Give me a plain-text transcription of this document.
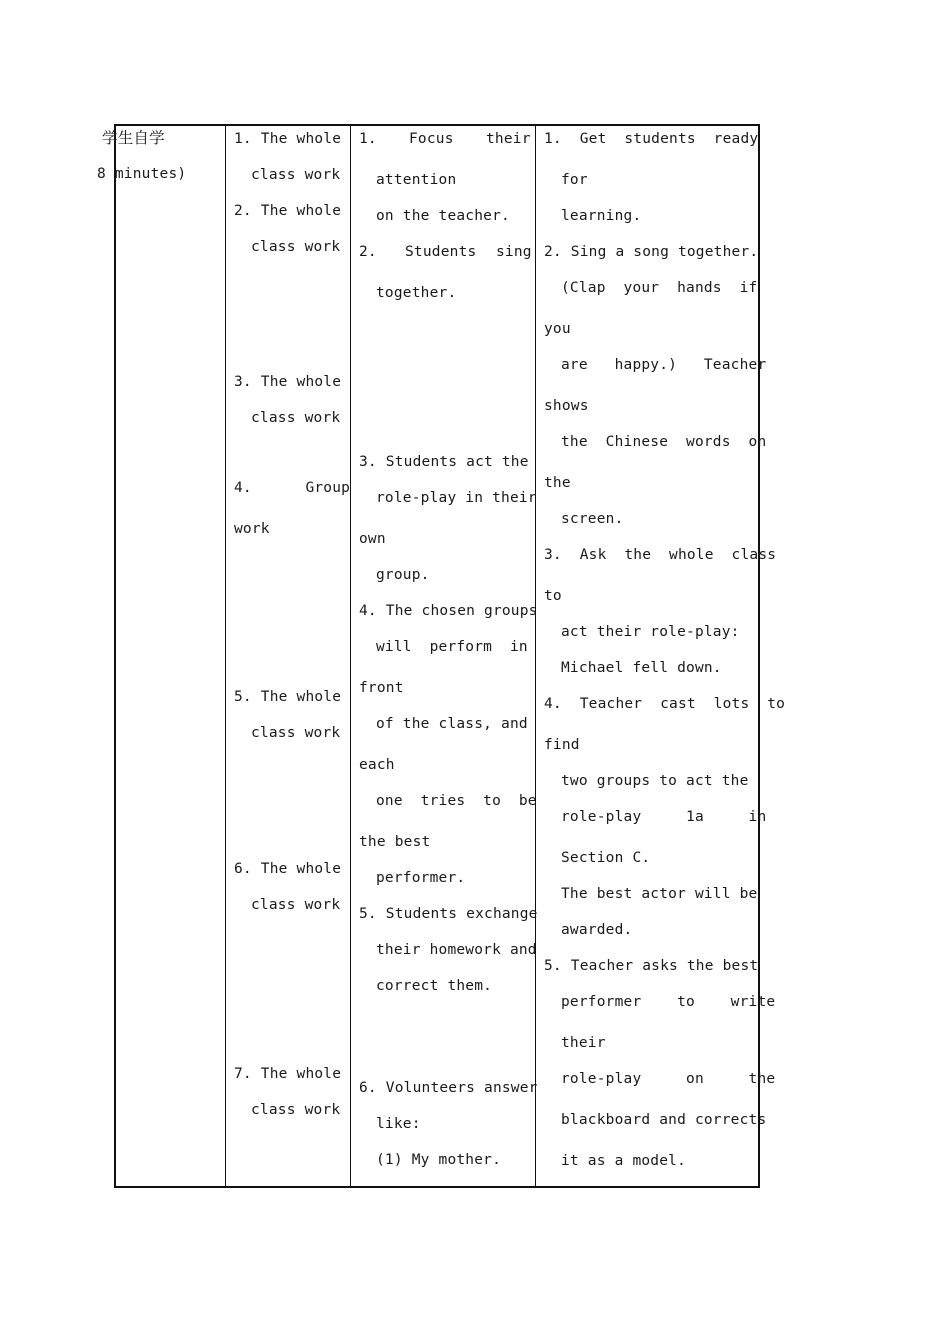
学生自学
8 minutes)
1. The whole
class work
2. The whole
class work
3. The whole
class work
4.      Group
work
5. The whole
class work
6. The whole
class work
7. The whole
class work
1. Focus their
attention
on the teacher.
2. Students sing
together.
3. Students act the
role-play in their
own
group.
4. The chosen groups
will  perform  in
front
of the class, and
each
one  tries  to  be
the best
performer.
5. Students exchange
their homework and
correct them.
6. Volunteers answer
like:
(1) My mother.
1.  Get  students  ready
for
learning.
2. Sing a song together.
(Clap  your  hands  if
you
are   happy.)   Teacher
shows
the  Chinese  words  on
the
screen.
3.  Ask  the  whole  class
to
act their role-play:
Michael fell down.
4.  Teacher  cast  lots  to
find
two groups to act the
role-play     1a     in
Section C.
The best actor will be
awarded.
5. Teacher asks the best
performer    to    write
their
role-play     on     the
blackboard and corrects
it as a model.
